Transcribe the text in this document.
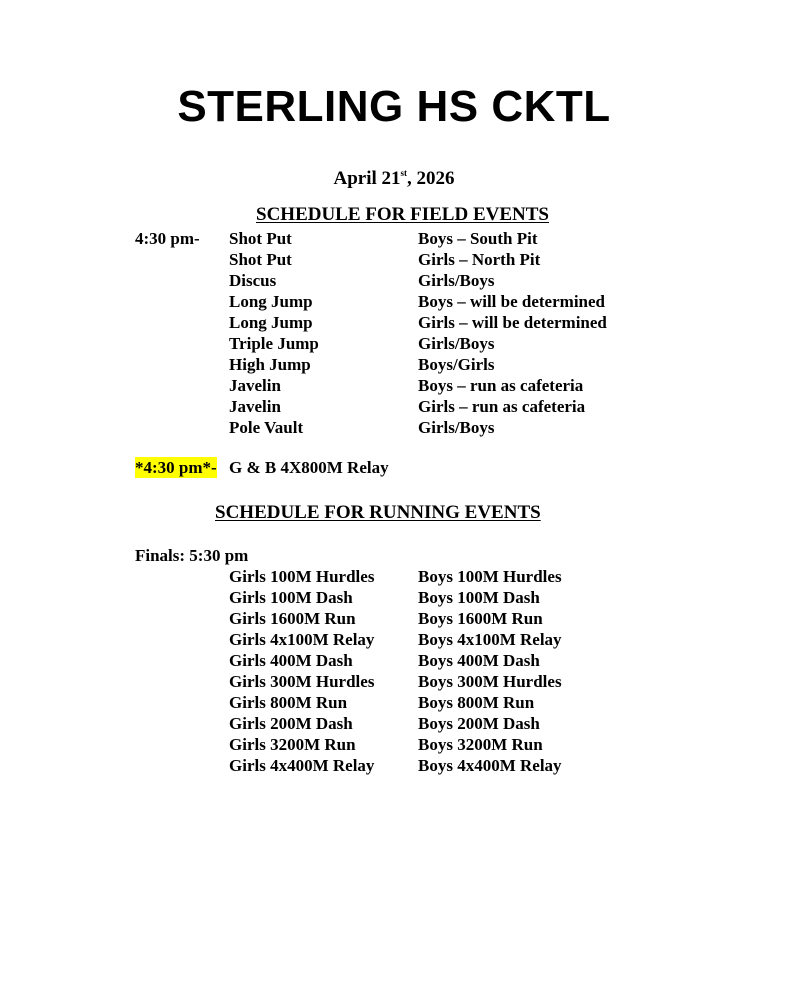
STERLING HS CKTL
April 21st, 2026
SCHEDULE FOR FIELD EVENTS
4:30 pm- Shot Put	Boys – South Pit
Shot Put	Girls – North Pit
Discus	Girls/Boys
Long Jump	Boys – will be determined
Long Jump	Girls – will be determined
Triple Jump	Girls/Boys
High Jump	Boys/Girls
Javelin	Boys – run as cafeteria
Javelin	Girls – run as cafeteria
Pole Vault	Girls/Boys
*4:30 pm*- G & B 4X800M Relay
SCHEDULE FOR RUNNING EVENTS
Finals: 5:30 pm
Girls 100M Hurdles	Boys 100M Hurdles
Girls 100M Dash	Boys 100M Dash
Girls 1600M Run	Boys 1600M Run
Girls 4x100M Relay	Boys 4x100M Relay
Girls 400M Dash	Boys 400M Dash
Girls 300M Hurdles	Boys 300M Hurdles
Girls 800M Run	Boys 800M Run
Girls 200M Dash	Boys 200M Dash
Girls 3200M Run	Boys 3200M Run
Girls 4x400M Relay	Boys 4x400M Relay
